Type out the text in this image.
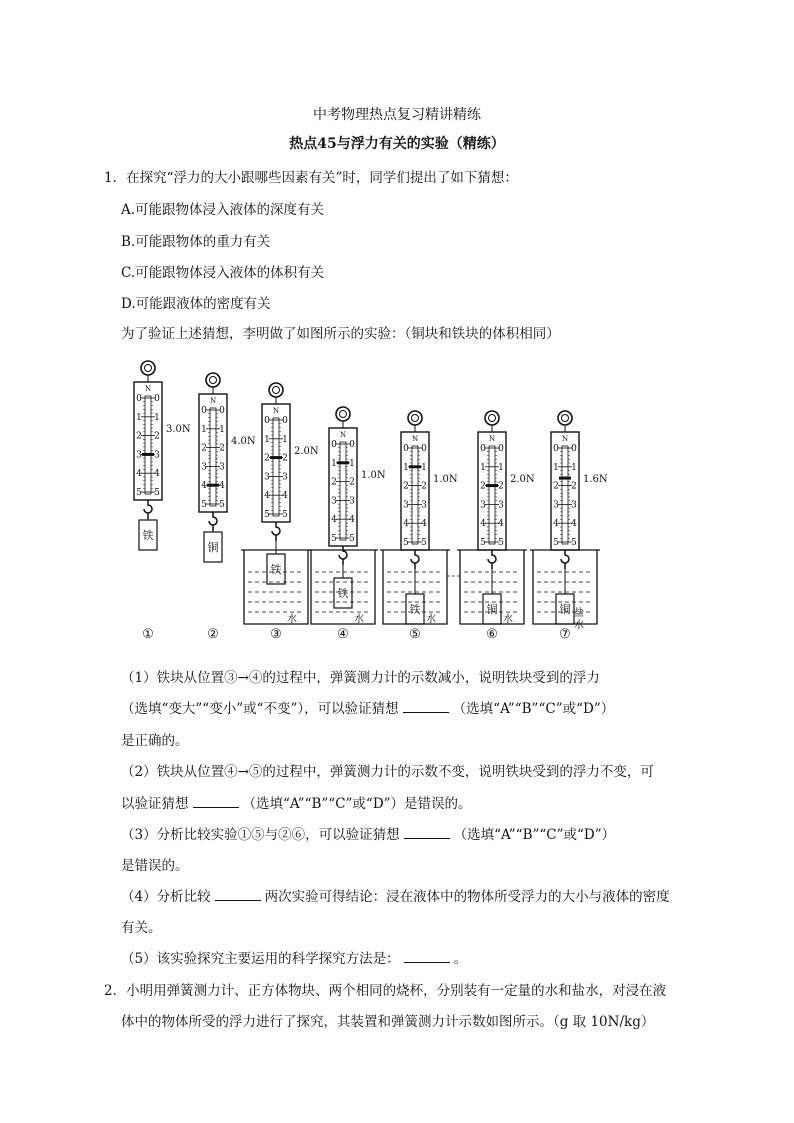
中考物理热点复习精讲精练
热点45与浮力有关的实验（精练）
1．在探究“浮力的大小跟哪些因素有关”时，同学们提出了如下猜想：
A.可能跟物体浸入液体的深度有关
B.可能跟物体的重力有关
C.可能跟物体浸入液体的体积有关
D.可能跟液体的密度有关
为了验证上述猜想，李明做了如图所示的实验：（铜块和铁块的体积相同）
N
0 0
1 1
2 2
3 3
4 4
5 5
3.0N
铁
①
N
0 0
1 1
2 2
3 3
4 4
5 5
4.0N
铜
②
N
0 0
1 1
2 2
3 3
4 4
5 5
2.0N
铁
水
③
N
0 0
1 1
2 2
3 3
4 4
5 5
1.0N
铁
水
④
N
0 0
1 1
2 2
3 3
4 4
5 5
1.0N
铁
水
⑤
N
0 0
1 1
2 2
3 3
4 4
5 5
2.0N
铜
水
⑥
N
0 0
1 1
2 2
3 3
4 4
5 5
1.6N
铜 盐
水
⑦
（1）铁块从位置③→④的过程中，弹簧测力计的示数减小，说明铁块受到的浮力
（选填“变大”“变小”或“不变”），可以验证猜想	（选填“A”“B”“C”或“D”）
是正确的。
（2）铁块从位置④→⑤的过程中，弹簧测力计的示数不变，说明铁块受到的浮力不变，可
以验证猜想	（选填“A”“B”“C”或“D”）是错误的。
（3）分析比较实验①⑤与②⑥，可以验证猜想	（选填“A”“B”“C”或“D”）
是错误的。
（4）分析比较	两次实验可得结论：浸在液体中的物体所受浮力的大小与液体的密度
有关。
（5）该实验探究主要运用的科学探究方法是：	。
2．小明用弹簧测力计、正方体物块、两个相同的烧杯，分别装有一定量的水和盐水，对浸在液
体中的物体所受的浮力进行了探究，其装置和弹簧测力计示数如图所示。（g 取 10N/kg）
